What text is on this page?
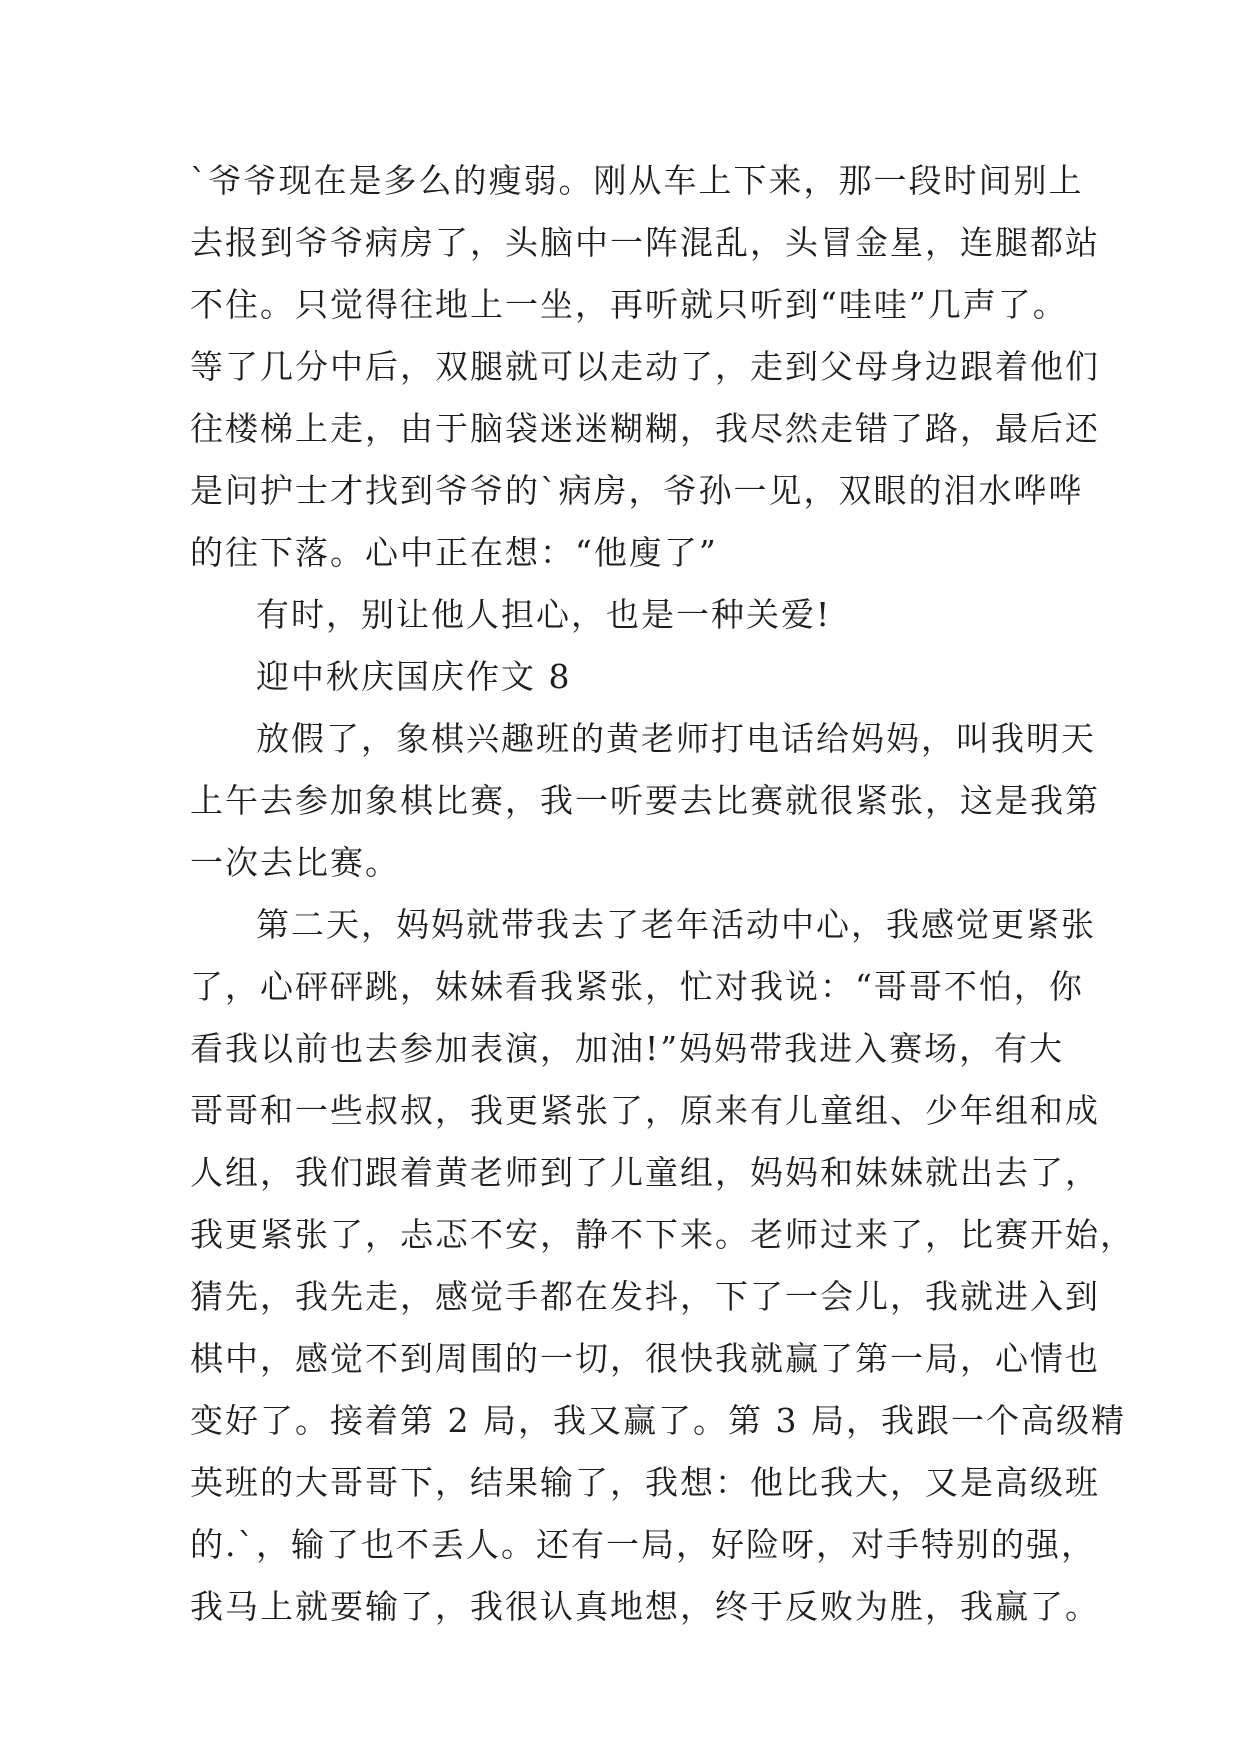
`爷爷现在是多么的瘦弱。刚从车上下来，那一段时间别上
去报到爷爷病房了，头脑中一阵混乱，头冒金星，连腿都站
不住。只觉得往地上一坐，再听就只听到“哇哇”几声了。
等了几分中后，双腿就可以走动了，走到父母身边跟着他们
往楼梯上走，由于脑袋迷迷糊糊，我尽然走错了路，最后还
是问护士才找到爷爷的`病房，爷孙一见，双眼的泪水哗哗
的往下落。心中正在想：“他廋了”
有时，别让他人担心，也是一种关爱!
迎中秋庆国庆作文 8
放假了，象棋兴趣班的黄老师打电话给妈妈，叫我明天
上午去参加象棋比赛，我一听要去比赛就很紧张，这是我第
一次去比赛。
第二天，妈妈就带我去了老年活动中心，我感觉更紧张
了，心砰砰跳，妹妹看我紧张，忙对我说：“哥哥不怕，你
看我以前也去参加表演，加油!”妈妈带我进入赛场，有大
哥哥和一些叔叔，我更紧张了，原来有儿童组、少年组和成
人组，我们跟着黄老师到了儿童组，妈妈和妹妹就出去了，
我更紧张了，忐忑不安，静不下来。老师过来了，比赛开始，
猜先，我先走，感觉手都在发抖，下了一会儿，我就进入到
棋中，感觉不到周围的一切，很快我就赢了第一局，心情也
变好了。接着第 2 局，我又赢了。第 3 局，我跟一个高级精
英班的大哥哥下，结果输了，我想：他比我大，又是高级班
的.`，输了也不丢人。还有一局，好险呀，对手特别的强，
我马上就要输了，我很认真地想，终于反败为胜，我赢了。
